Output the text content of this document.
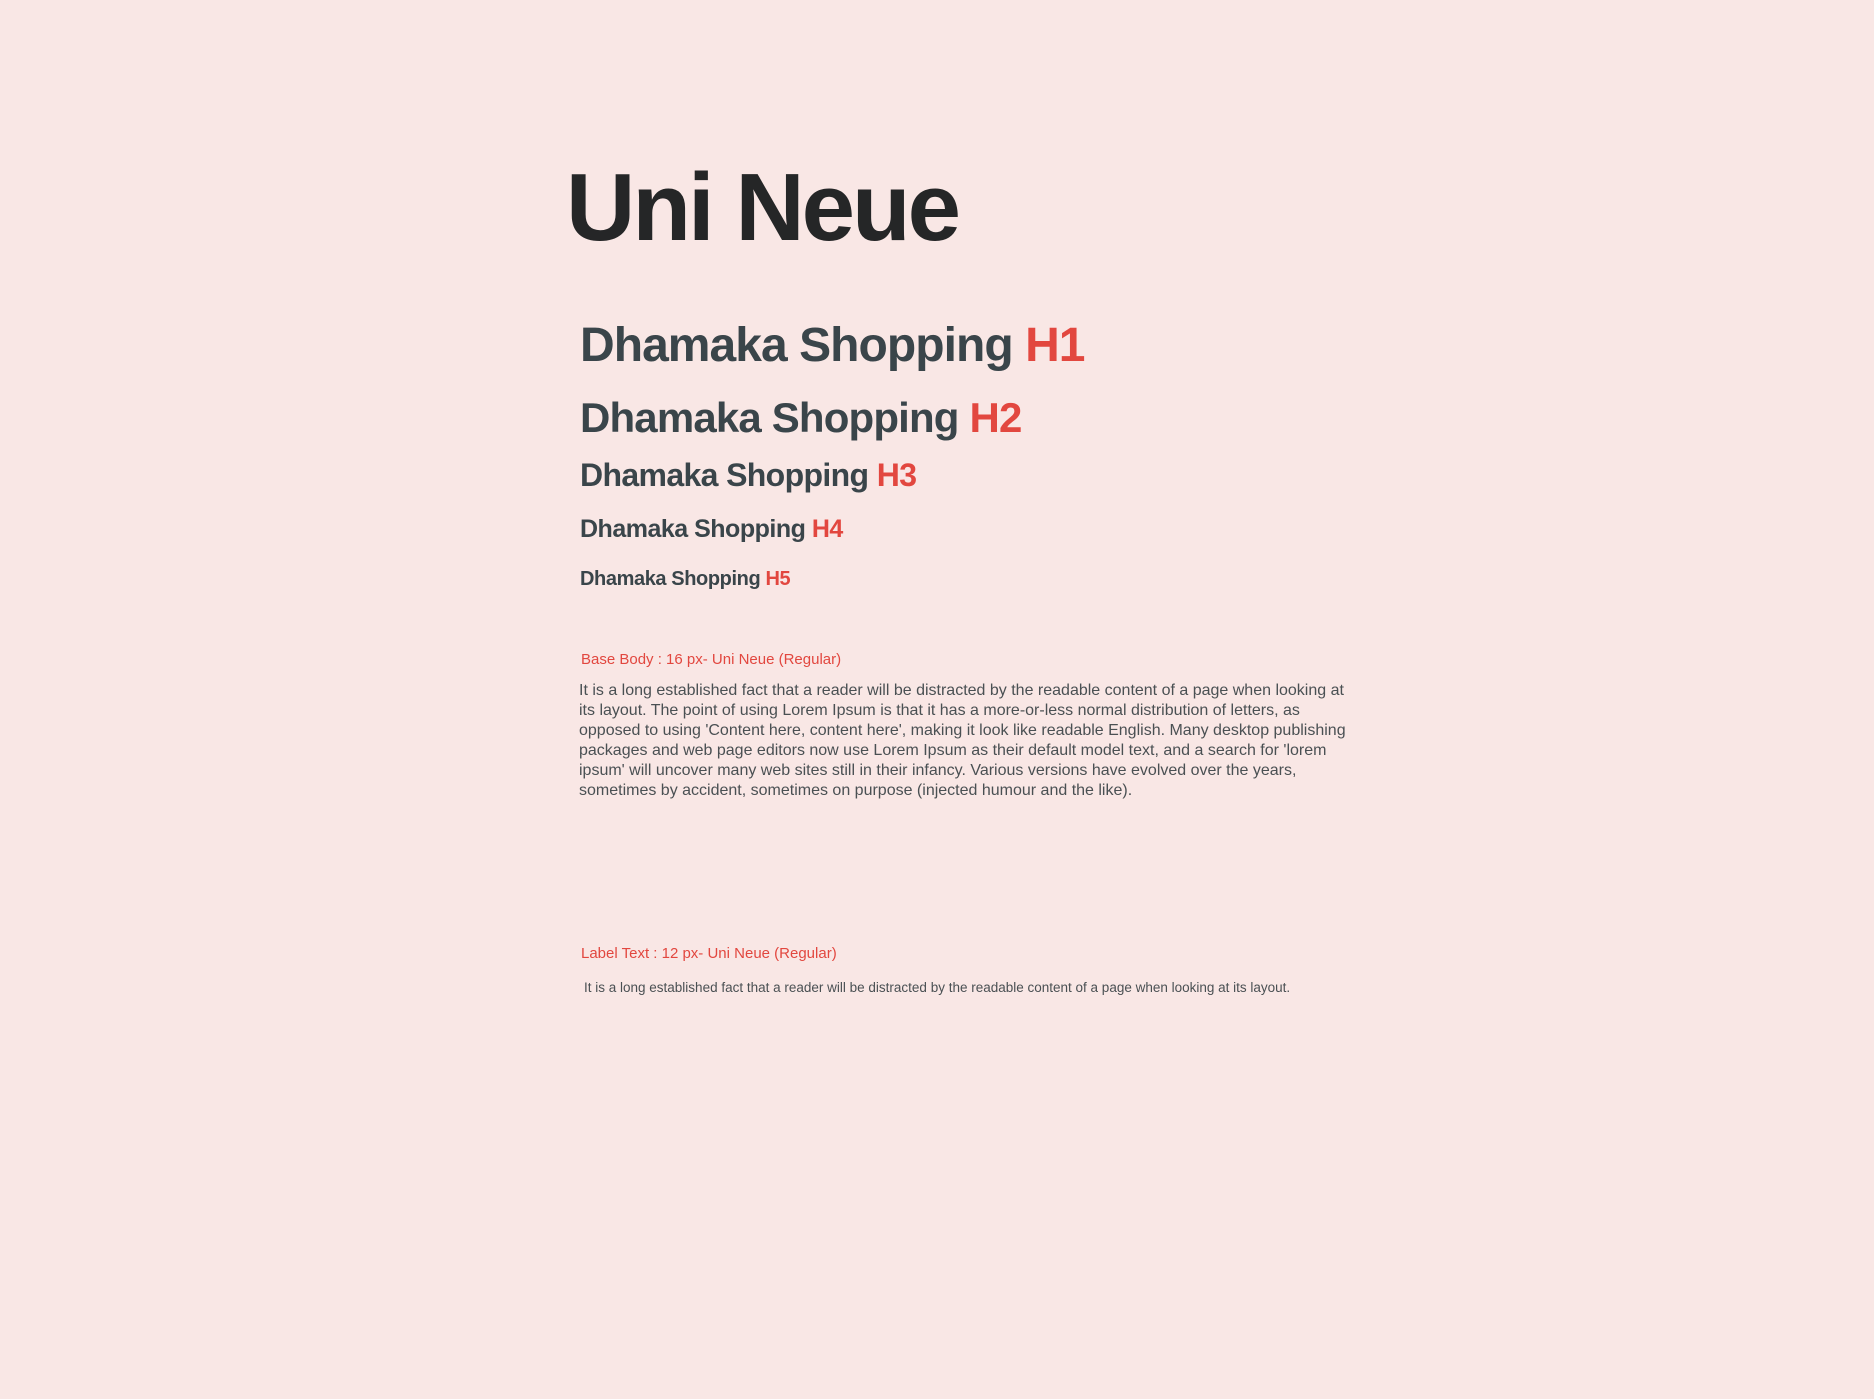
Uni Neue
Dhamaka Shopping H1
Dhamaka Shopping H2
Dhamaka Shopping H3
Dhamaka Shopping H4
Dhamaka Shopping H5
Base Body : 16 px- Uni Neue (Regular)
It is a long established fact that a reader will be distracted by the readable content of a page when looking at its layout. The point of using Lorem Ipsum is that it has a more-or-less normal distribution of letters, as opposed to using 'Content here, content here', making it look like readable English. Many desktop publishing packages and web page editors now use Lorem Ipsum as their default model text, and a search for 'lorem ipsum' will uncover many web sites still in their infancy. Various versions have evolved over the years, sometimes by accident, sometimes on purpose (injected humour and the like).
Label Text : 12 px- Uni Neue (Regular)
It is a long established fact that a reader will be distracted by the readable content of a page when looking at its layout.
